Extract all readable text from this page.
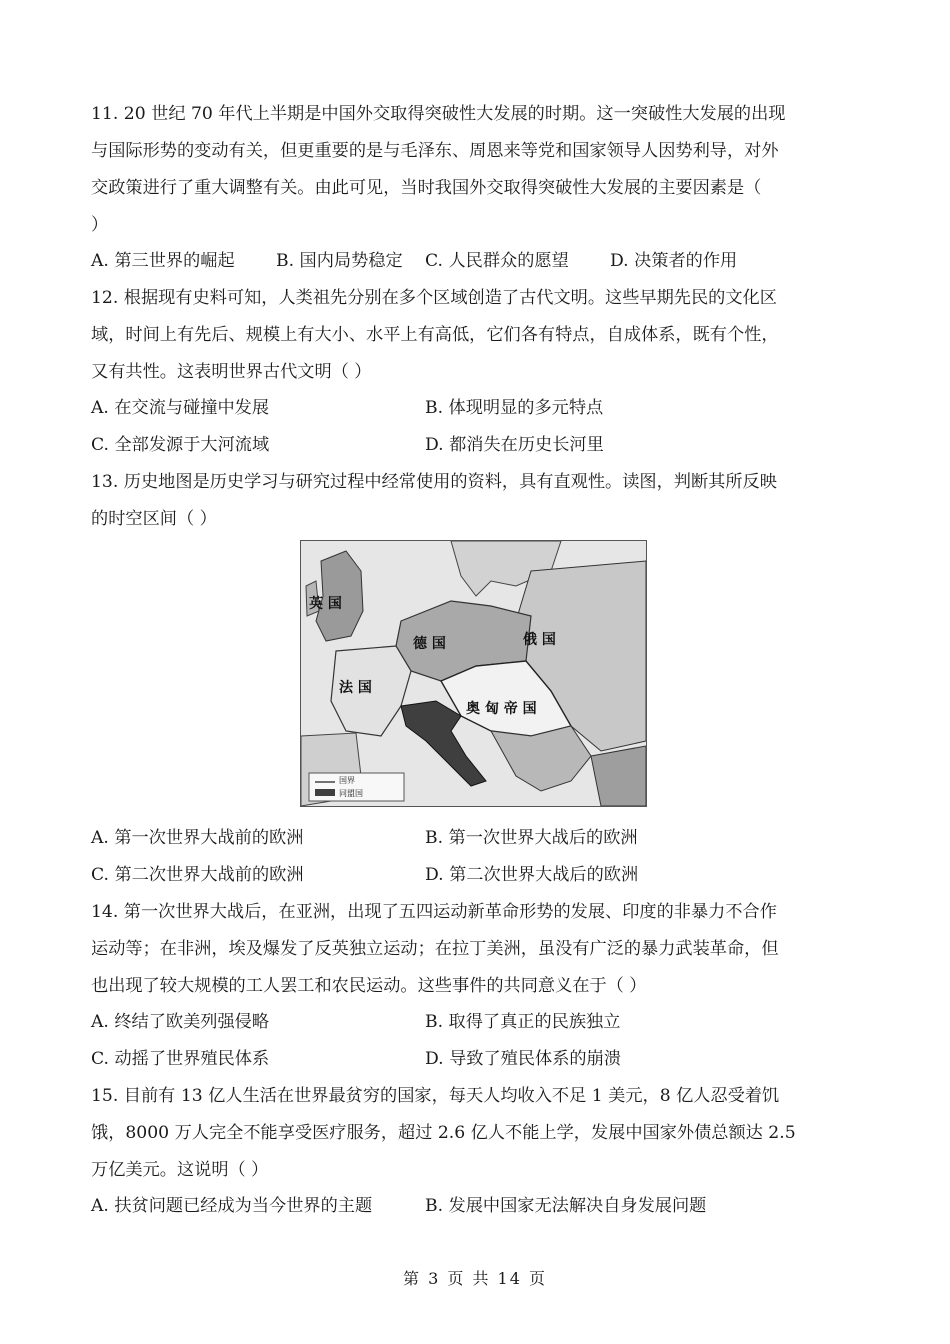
11. 20 世纪 70 年代上半期是中国外交取得突破性大发展的时期。这一突破性大发展的出现
与国际形势的变动有关，但更重要的是与毛泽东、周恩来等党和国家领导人因势利导，对外
交政策进行了重大调整有关。由此可见，当时我国外交取得突破性大发展的主要因素是（
）
A. 第三世界的崛起 B. 国内局势稳定 C. 人民群众的愿望 D. 决策者的作用
12. 根据现有史料可知，人类祖先分别在多个区域创造了古代文明。这些早期先民的文化区
域，时间上有先后、规模上有大小、水平上有高低，它们各有特点，自成体系，既有个性，
又有共性。这表明世界古代文明（ ）
A. 在交流与碰撞中发展	B. 体现明显的多元特点
C. 全部发源于大河流域	D. 都消失在历史长河里
13. 历史地图是历史学习与研究过程中经常使用的资料，具有直观性。读图，判断其所反映
的时空区间（ ）
英 国
德 国	俄 国
法 国
奥 匈 帝 国
国界
同盟国
A. 第一次世界大战前的欧洲	B. 第一次世界大战后的欧洲
C. 第二次世界大战前的欧洲	D. 第二次世界大战后的欧洲
14. 第一次世界大战后，在亚洲，出现了五四运动新革命形势的发展、印度的非暴力不合作
运动等；在非洲，埃及爆发了反英独立运动；在拉丁美洲，虽没有广泛的暴力武装革命，但
也出现了较大规模的工人罢工和农民运动。这些事件的共同意义在于（ ）
A. 终结了欧美列强侵略	B. 取得了真正的民族独立
C. 动摇了世界殖民体系	D. 导致了殖民体系的崩溃
15. 目前有 13 亿人生活在世界最贫穷的国家，每天人均收入不足 1 美元，8 亿人忍受着饥
饿，8000 万人完全不能享受医疗服务，超过 2.6 亿人不能上学，发展中国家外债总额达 2.5
万亿美元。这说明（ ）
A. 扶贫问题已经成为当今世界的主题	B. 发展中国家无法解决自身发展问题
第 3 页 共 14 页
